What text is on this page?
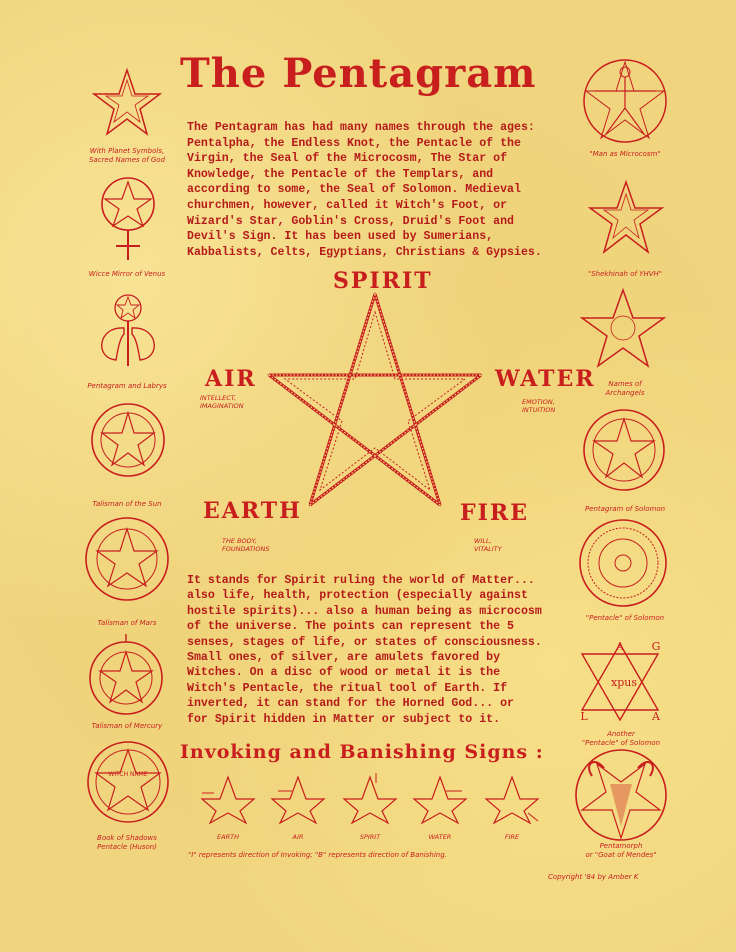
The Pentagram
The Pentagram has had many names through the ages:
Pentalpha, the Endless Knot, the Pentacle of the
Virgin, the Seal of the Microcosm, The Star of
Knowledge, the Pentacle of the Templars, and
according to some, the Seal of Solomon. Medieval
churchmen, however, called it Witch's Foot, or
Wizard's Star, Goblin's Cross, Druid's Foot and
Devil's Sign. It has been used by Sumerians,
Kabbalists, Celts, Egyptians, Christians & Gypsies.
SPIRIT
AIR
INTELLECT,
IMAGINATION
WATER
EMOTION,
INTUITION
EARTH
THE BODY,
FOUNDATIONS
FIRE
WILL,
VITALITY
It stands for Spirit ruling the world of Matter...
also life, health, protection (especially against
hostile spirits)... also a human being as microcosm
of the universe. The points can represent the 5
senses, stages of life, or states of consciousness.
Small ones, of silver, are amulets favored by
Witches. On a disc of wood or metal it is the
Witch's Pentacle, the ritual tool of Earth. If
inverted, it can stand for the Horned God... or
for Spirit hidden in Matter or subject to it.
Invoking and Banishing Signs :
EARTH	AIR	SPIRIT	WATER	FIRE
"I" represents direction of Invoking; "B" represents direction of Banishing.
Copyright '84 by Amber K
With Planet Symbols,
Sacred Names of God
Wicce Mirror of Venus
Pentagram and Labrys
Talisman of the Sun
Talisman of Mars
Talisman of Mercury
WITCH NAME
Book of Shadows
Pentacle (Huson)
"Man as Microcosm"
"Shekhinah of YHVH"
Names of
Archangels
Pentagram of Solomon
"Pentacle" of Solomon
A	G
L	A
xpus
Another
"Pentacle" of Solomon
Pentamorph
or "Goat of Mendes"
